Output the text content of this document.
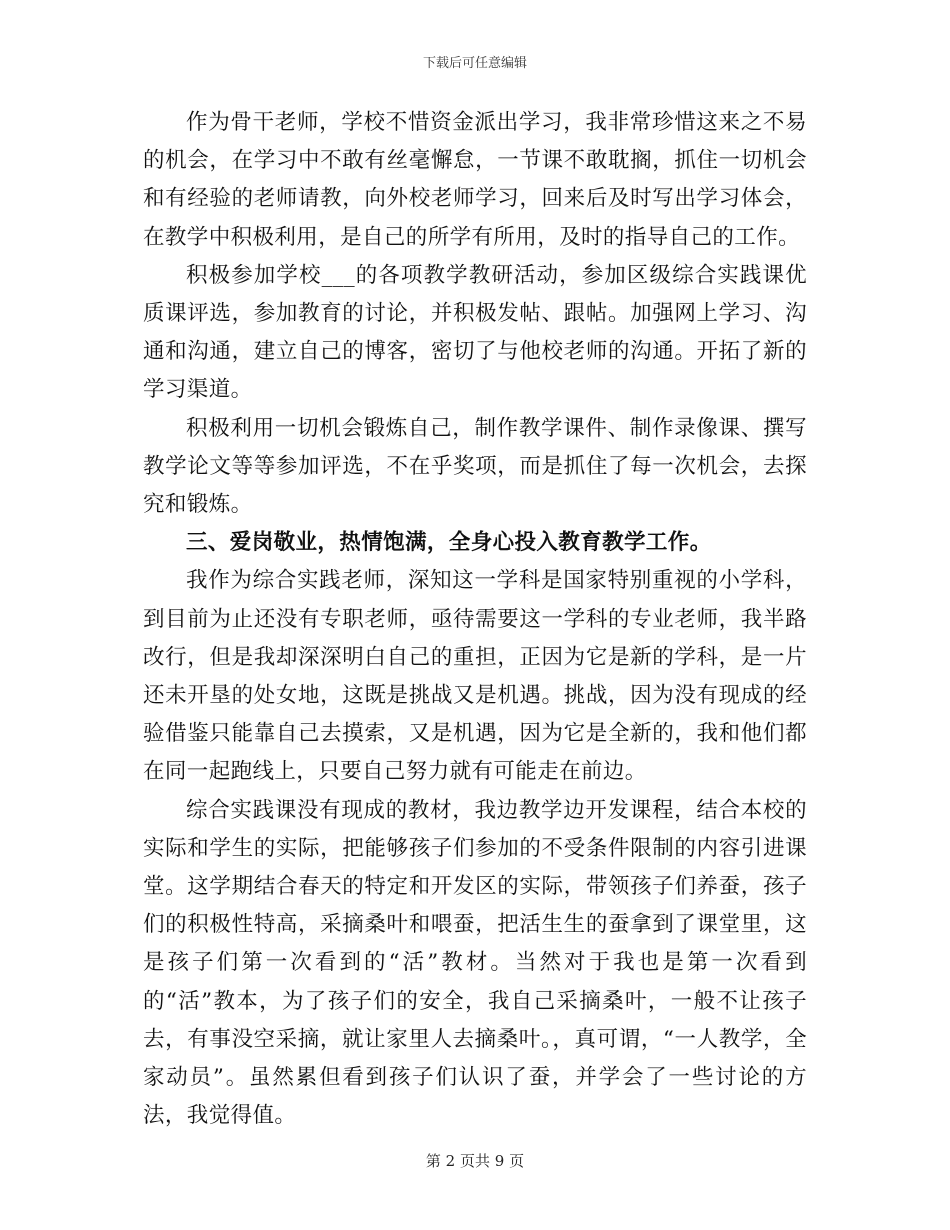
下载后可任意编辑

作为骨干老师，学校不惜资金派出学习，我非常珍惜这来之不易的机会，在学习中不敢有丝毫懈怠，一节课不敢耽搁，抓住一切机会和有经验的老师请教，向外校老师学习，回来后及时写出学习体会，在教学中积极利用，是自己的所学有所用，及时的指导自己的工作。

积极参加学校___的各项教学教研活动，参加区级综合实践课优质课评选，参加教育的讨论，并积极发帖、跟帖。加强网上学习、沟通和沟通，建立自己的博客，密切了与他校老师的沟通。开拓了新的学习渠道。

积极利用一切机会锻炼自己，制作教学课件、制作录像课、撰写教学论文等等参加评选，不在乎奖项，而是抓住了每一次机会，去探究和锻炼。

三、爱岗敬业，热情饱满，全身心投入教育教学工作。

我作为综合实践老师，深知这一学科是国家特别重视的小学科，到目前为止还没有专职老师，亟待需要这一学科的专业老师，我半路改行，但是我却深深明白自己的重担，正因为它是新的学科，是一片还未开垦的处女地，这既是挑战又是机遇。挑战，因为没有现成的经验借鉴只能靠自己去摸索，又是机遇，因为它是全新的，我和他们都在同一起跑线上，只要自己努力就有可能走在前边。

综合实践课没有现成的教材，我边教学边开发课程，结合本校的实际和学生的实际，把能够孩子们参加的不受条件限制的内容引进课堂。这学期结合春天的特定和开发区的实际，带领孩子们养蚕，孩子们的积极性特高，采摘桑叶和喂蚕，把活生生的蚕拿到了课堂里，这是孩子们第一次看到的“活”教材。当然对于我也是第一次看到的“活”教本，为了孩子们的安全，我自己采摘桑叶，一般不让孩子去，有事没空采摘，就让家里人去摘桑叶。，真可谓，“一人教学，全家动员”。虽然累但看到孩子们认识了蚕，并学会了一些讨论的方法，我觉得值。

第 2 页共 9 页
